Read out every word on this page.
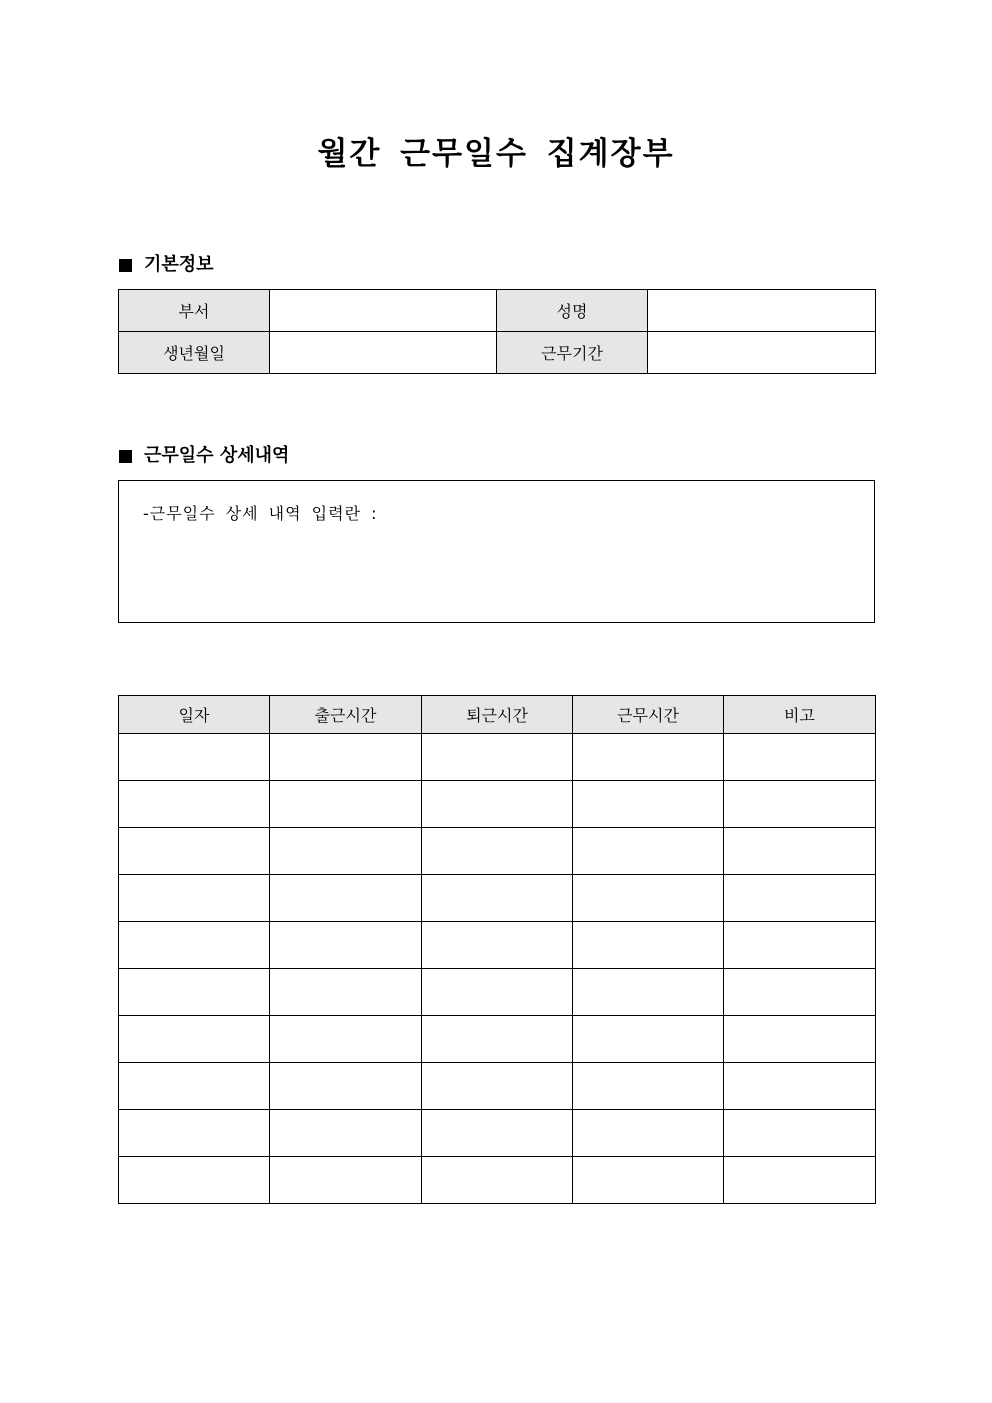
월간 근무일수 집계장부
기본정보
부서		성명	
생년월일		근무기간	
근무일수 상세내역
-근무일수 상세 내역 입력란 :
일자	출근시간	퇴근시간	근무시간	비고
